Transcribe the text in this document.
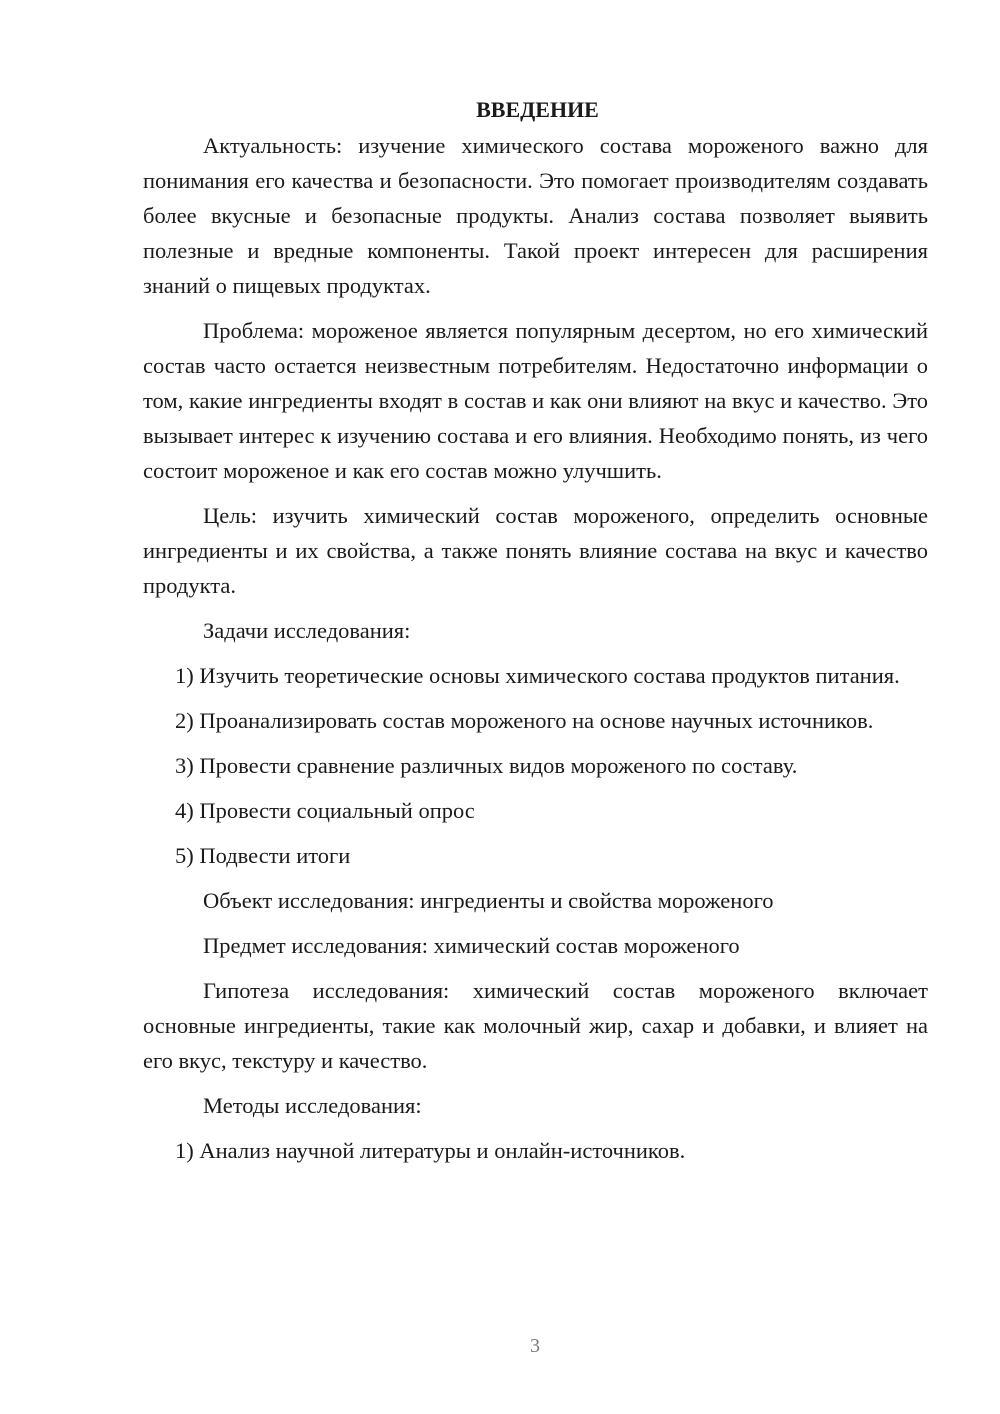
ВВЕДЕНИЕ

Актуальность: изучение химического состава мороженого важно для понимания его качества и безопасности. Это помогает производителям создавать более вкусные и безопасные продукты. Анализ состава позволяет выявить полезные и вредные компоненты. Такой проект интересен для расширения знаний о пищевых продуктах.

Проблема: мороженое является популярным десертом, но его химический состав часто остается неизвестным потребителям. Недостаточно информации о том, какие ингредиенты входят в состав и как они влияют на вкус и качество. Это вызывает интерес к изучению состава и его влияния. Необходимо понять, из чего состоит мороженое и как его состав можно улучшить.

Цель: изучить химический состав мороженого, определить основные ингредиенты и их свойства, а также понять влияние состава на вкус и качество продукта.

Задачи исследования:

1) Изучить теоретические основы химического состава продуктов питания.

2) Проанализировать состав мороженого на основе научных источников.

3) Провести сравнение различных видов мороженого по составу.

4) Провести социальный опрос

5) Подвести итоги

Объект исследования: ингредиенты и свойства мороженого

Предмет исследования: химический состав мороженого

Гипотеза исследования: химический состав мороженого включает основные ингредиенты, такие как молочный жир, сахар и добавки, и влияет на его вкус, текстуру и качество.

Методы исследования:

1) Анализ научной литературы и онлайн-источников.

3
